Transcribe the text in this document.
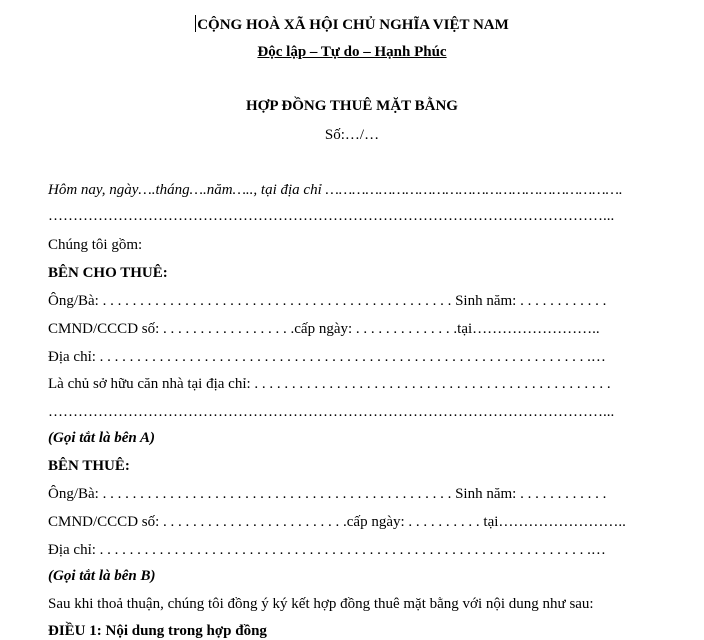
CỘNG HOÀ XÃ HỘI CHỦ NGHĨA VIỆT NAM
Độc lập – Tự do – Hạnh Phúc
HỢP ĐỒNG THUÊ MẶT BẰNG
Số:…/…
Hôm nay, ngày….tháng….năm….., tại địa chỉ ………………………………………………………….
…………………………………………………………………………………………………...
Chúng tôi gồm:
BÊN CHO THUÊ:
Ông/Bà: . . . . . . . . . . . . . . . . . . . . . . . . . . . . . . . . . . . . . . . . . . . . . . . Sinh năm: . . . . . . . . . . . .
CMND/CCCD số: . . . . . . . . . . . . . . . . . .cấp ngày: . . . . . . . . . . . . . .tại……………………..
Địa chỉ: . . . . . . . . . . . . . . . . . . . . . . . . . . . . . . . . . . . . . . . . . . . . . . . . . . . . . . . . . . . . . . . . . .…
Là chủ sở hữu căn nhà tại địa chỉ: . . . . . . . . . . . . . . . . . . . . . . . . . . . . . . . . . . . . . . . . . . . . . . . .
…………………………………………………………………………………………………...
(Gọi tắt là bên A)
BÊN THUÊ:
Ông/Bà: . . . . . . . . . . . . . . . . . . . . . . . . . . . . . . . . . . . . . . . . . . . . . . . Sinh năm: . . . . . . . . . . . .
CMND/CCCD số: . . . . . . . . . . . . . . . . . . . . . . . . .cấp ngày: . . . . . . . . . . tại……………………..
Địa chỉ: . . . . . . . . . . . . . . . . . . . . . . . . . . . . . . . . . . . . . . . . . . . . . . . . . . . . . . . . . . . . . . . . . .…
(Gọi tắt là bên B)
Sau khi thoả thuận, chúng tôi đồng ý ký kết hợp đồng thuê mặt bằng với nội dung như sau:
ĐIỀU 1: Nội dung trong hợp đồng
